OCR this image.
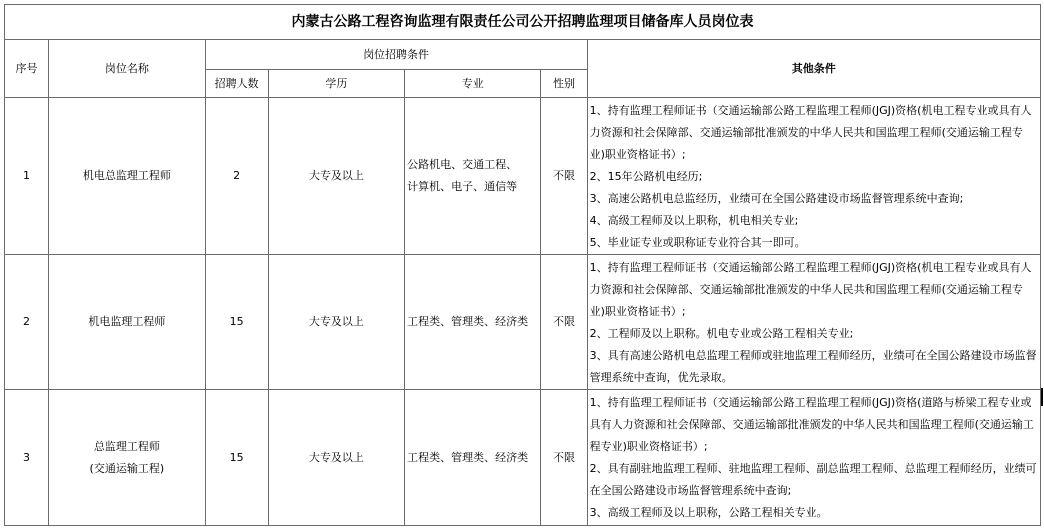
内蒙古公路工程咨询监理有限责任公司公开招聘监理项目储备库人员岗位表						
序号	岗位名称	岗位招聘条件				其他条件
		招聘人数	学历	专业	性别	
1	机电总监理工程师	2	大专及以上	公路机电、交通工程、
计算机、电子、通信等	不限	1、持有监理工程师证书（交通运输部公路工程监理工程师(JGJ)资格(机电工程专业或具有人力资源和社会保障部、交通运输部批准颁发的中华人民共和国监理工程师(交通运输工程专业)职业资格证书）;
2、15年公路机电经历;
3、高速公路机电总监经历，业绩可在全国公路建设市场监督管理系统中查询;
4、高级工程师及以上职称，机电相关专业;
5、毕业证专业或职称证专业符合其一即可。

2	机电监理工程师	15	大专及以上	工程类、管理类、经济类	不限	1、持有监理工程师证书（交通运输部公路工程监理工程师(JGJ)资格(机电工程专业或具有人力资源和社会保障部、交通运输部批准颁发的中华人民共和国监理工程师(交通运输工程专业)职业资格证书）;
2、工程师及以上职称。机电专业或公路工程相关专业;
3、具有高速公路机电总监理工程师或驻地监理工程师经历，业绩可在全国公路建设市场监督管理系统中查询，优先录取。

3	总监理工程师
(交通运输工程)	15	大专及以上	工程类、管理类、经济类	不限	1、持有监理工程师证书（交通运输部公路工程监理工程师(JGJ)资格(道路与桥梁工程专业或具有人力资源和社会保障部、交通运输部批准颁发的中华人民共和国监理工程师(交通运输工程专业)职业资格证书）;
2、具有副驻地监理工程师、驻地监理工程师、副总监理工程师、总监理工程师经历，业绩可在全国公路建设市场监督管理系统中查询;
3、高级工程师及以上职称，公路工程相关专业。
